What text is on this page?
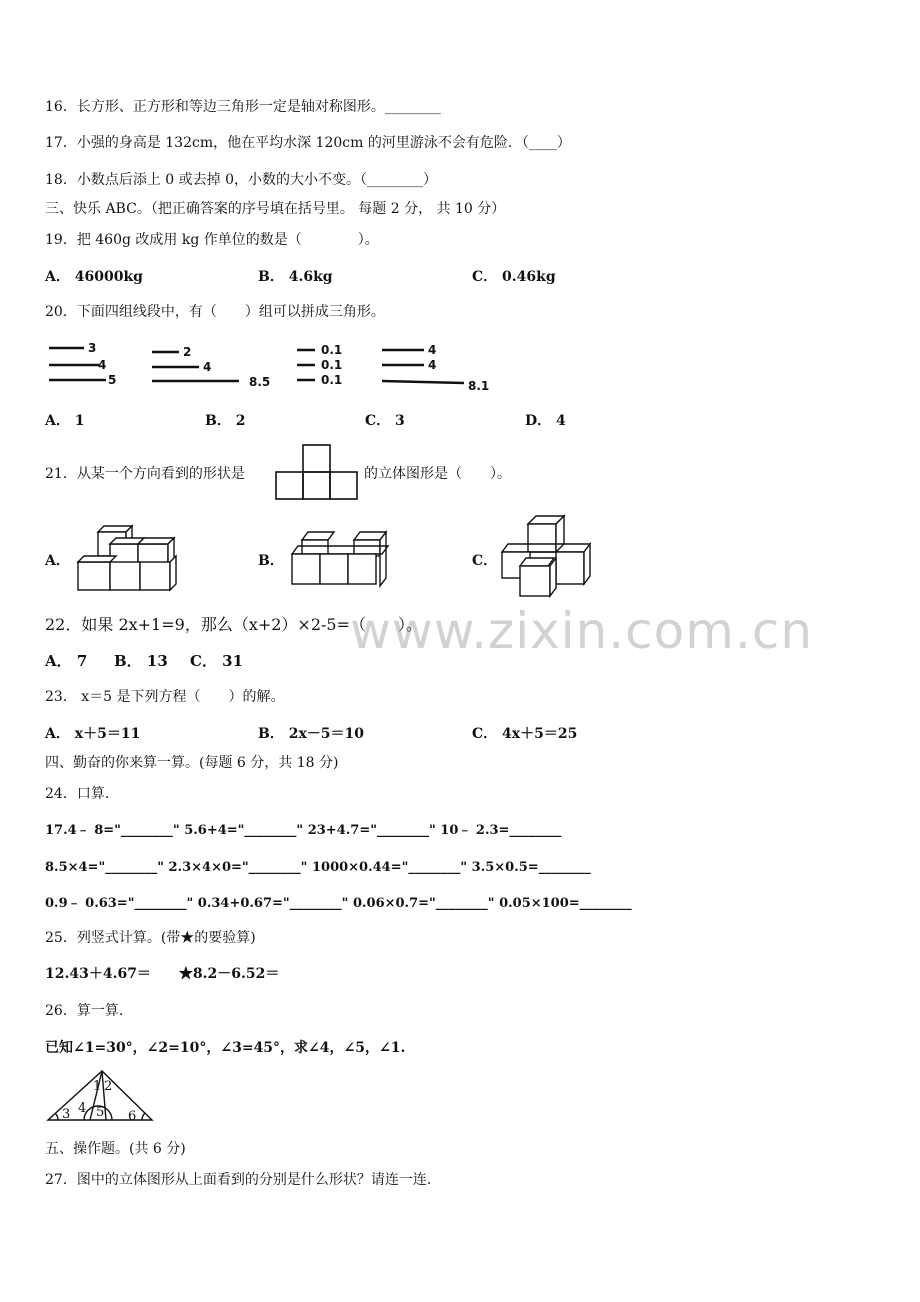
www.zixin.com.cn
16．长方形、正方形和等边三角形一定是轴对称图形。________
17．小强的身高是 132cm，他在平均水深 120cm 的河里游泳不会有危险．（____）
18．小数点后添上 0 或去掉 0，小数的大小不变。（________）
三、快乐 ABC。（把正确答案的序号填在括号里。 每题 2 分， 共 10 分）
19．把 460g 改成用 kg 作单位的数是（　　　　）。
A． 46000kg	B． 4.6kg	C． 0.46kg
20．下面四组线段中，有（　　）组可以拼成三角形。
3
4
5
2
4
8.5
0.1
0.1
0.1
4
4
8.1
A． 1	B． 2	C． 3	D． 4
21．从某一个方向看到的形状是	的立体图形是（　　）。
A．	B．	C．
22．如果 2x+1=9，那么（x+2）×2-5=（　　）。
A． 7 B． 13 C． 31
23． x＝5 是下列方程（　　）的解。
A． x＋5＝11	B． 2x－5＝10	C． 4x＋5＝25
四、勤奋的你来算一算。(每题 6 分，共 18 分)
24．口算.
17.4﹣ 8="________" 5.6+4="________" 23+4.7="________" 10﹣ 2.3=________
8.5×4="________" 2.3×4×0="________" 1000×0.44="________" 3.5×0.5=________
0.9﹣ 0.63="________" 0.34+0.67="________" 0.06×0.7="________" 0.05×100=________
25．列竖式计算。(带★的要验算)
12.43＋4.67＝　　★8.2－6.52＝
26．算一算.
已知∠1=30°，∠2=10°，∠3=45°，求∠4，∠5，∠1.
1 2
3 4 5 6
五、操作题。(共 6 分)
27．图中的立体图形从上面看到的分别是什么形状？请连一连.
